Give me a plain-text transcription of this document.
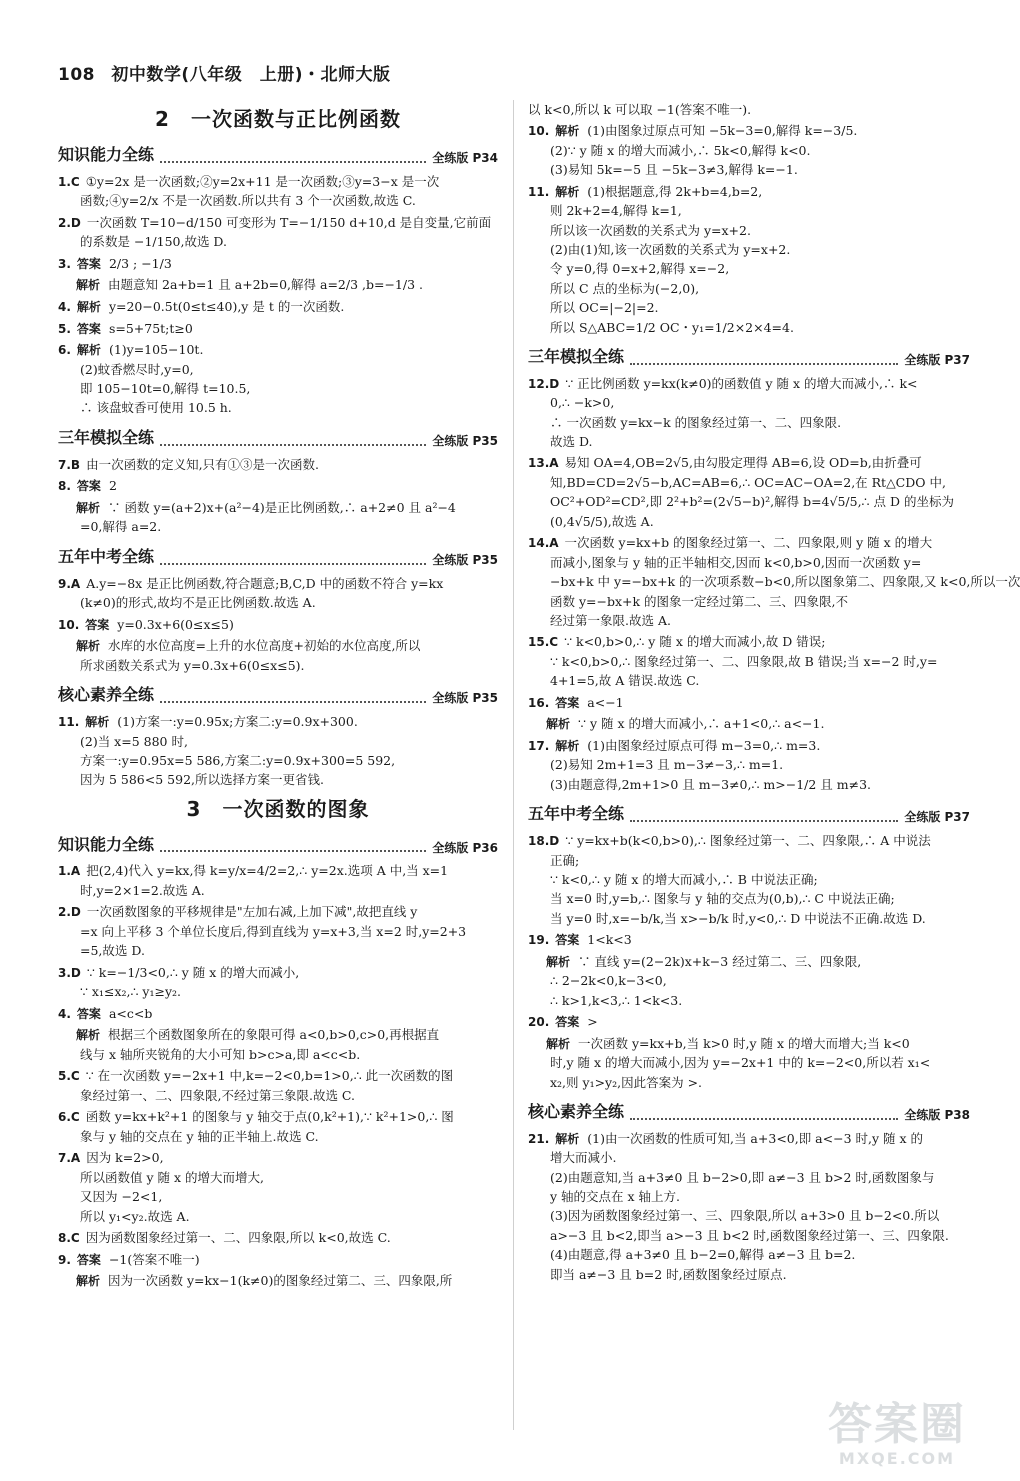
108 初中数学(八年级　上册)・北师大版
2　一次函数与正比例函数
知识能力全练	全练版 P34
1.C ①y=2x 是一次函数;②y=2x+11 是一次函数;③y=3−x 是一次
函数;④y=2/x 不是一次函数.所以共有 3 个一次函数,故选 C.
2.D 一次函数 T=10−d/150 可变形为 T=−1/150 d+10,d 是自变量,它前面
的系数是 −1/150,故选 D.
3. 答案 2/3 ; −1/3
解析 由题意知 2a+b=1 且 a+2b=0,解得 a=2/3 ,b=−1/3 .
4. 解析 y=20−0.5t(0≤t≤40),y 是 t 的一次函数.
5. 答案 s=5+75t;t≥0
6. 解析 (1)y=105−10t.
(2)蚊香燃尽时,y=0,
即 105−10t=0,解得 t=10.5,
∴ 该盘蚊香可使用 10.5 h.
三年模拟全练	全练版 P35
7.B 由一次函数的定义知,只有①③是一次函数.
8. 答案 2
解析 ∵ 函数 y=(a+2)x+(a²−4)是正比例函数,∴ a+2≠0 且 a²−4
=0,解得 a=2.
五年中考全练	全练版 P35
9.A A.y=−8x 是正比例函数,符合题意;B,C,D 中的函数不符合 y=kx
(k≠0)的形式,故均不是正比例函数.故选 A.
10. 答案 y=0.3x+6(0≤x≤5)
解析 水库的水位高度=上升的水位高度+初始的水位高度,所以
所求函数关系式为 y=0.3x+6(0≤x≤5).
核心素养全练	全练版 P35
11. 解析 (1)方案一:y=0.95x;方案二:y=0.9x+300.
(2)当 x=5 880 时,
方案一:y=0.95x=5 586,方案二:y=0.9x+300=5 592,
因为 5 586<5 592,所以选择方案一更省钱.
3　一次函数的图象
知识能力全练	全练版 P36
1.A 把(2,4)代入 y=kx,得 k=y/x=4/2=2,∴ y=2x.选项 A 中,当 x=1
时,y=2×1=2.故选 A.
2.D 一次函数图象的平移规律是"左加右减,上加下减",故把直线 y
=x 向上平移 3 个单位长度后,得到直线为 y=x+3,当 x=2 时,y=2+3
=5,故选 D.
3.D ∵ k=−1/3<0,∴ y 随 x 的增大而减小,
∵ x₁≤x₂,∴ y₁≥y₂.
4. 答案 a<c<b
解析 根据三个函数图象所在的象限可得 a<0,b>0,c>0,再根据直
线与 x 轴所夹锐角的大小可知 b>c>a,即 a<c<b.
5.C ∵ 在一次函数 y=−2x+1 中,k=−2<0,b=1>0,∴ 此一次函数的图
象经过第一、二、四象限,不经过第三象限.故选 C.
6.C 函数 y=kx+k²+1 的图象与 y 轴交于点(0,k²+1),∵ k²+1>0,∴ 图
象与 y 轴的交点在 y 轴的正半轴上.故选 C.
7.A 因为 k=2>0,
所以函数值 y 随 x 的增大而增大,
又因为 −2<1,
所以 y₁<y₂.故选 A.
8.C 因为函数图象经过第一、二、四象限,所以 k<0,故选 C.
9. 答案 −1(答案不唯一)
解析 因为一次函数 y=kx−1(k≠0)的图象经过第二、三、四象限,所
以 k<0,所以 k 可以取 −1(答案不唯一).
10. 解析 (1)由图象过原点可知 −5k−3=0,解得 k=−3/5.
(2)∵ y 随 x 的增大而减小,∴ 5k<0,解得 k<0.
(3)易知 5k=−5 且 −5k−3≠3,解得 k=−1.
11. 解析 (1)根据题意,得 2k+b=4,b=2,
则 2k+2=4,解得 k=1,
所以该一次函数的关系式为 y=x+2.
(2)由(1)知,该一次函数的关系式为 y=x+2.
令 y=0,得 0=x+2,解得 x=−2,
所以 C 点的坐标为(−2,0),
所以 OC=|−2|=2.
所以 S△ABC=1/2 OC・y₁=1/2×2×4=4.
三年模拟全练	全练版 P37
12.D ∵ 正比例函数 y=kx(k≠0)的函数值 y 随 x 的增大而减小,∴ k<
0,∴ −k>0,
∴ 一次函数 y=kx−k 的图象经过第一、二、四象限.
故选 D.
13.A 易知 OA=4,OB=2√5,由勾股定理得 AB=6,设 OD=b,由折叠可
知,BD=CD=2√5−b,AC=AB=6,∴ OC=AC−OA=2,在 Rt△CDO 中,
OC²+OD²=CD²,即 2²+b²=(2√5−b)²,解得 b=4√5/5,∴ 点 D 的坐标为
(0,4√5/5),故选 A.
14.A 一次函数 y=kx+b 的图象经过第一、二、四象限,则 y 随 x 的增大
而减小,图象与 y 轴的正半轴相交,因而 k<0,b>0,因而一次函数 y=
−bx+k 中 y=−bx+k 的一次项系数−b<0,所以图象第二、四象限,又 k<0,所以一次
函数 y=−bx+k 的图象一定经过第二、三、四象限,不
经过第一象限.故选 A.
15.C ∵ k<0,b>0,∴ y 随 x 的增大而减小,故 D 错误;
∵ k<0,b>0,∴ 图象经过第一、二、四象限,故 B 错误;当 x=−2 时,y=
4+1=5,故 A 错误.故选 C.
16. 答案 a<−1
解析 ∵ y 随 x 的增大而减小,∴ a+1<0,∴ a<−1.
17. 解析 (1)由图象经过原点可得 m−3=0,∴ m=3.
(2)易知 2m+1=3 且 m−3≠−3,∴ m=1.
(3)由题意得,2m+1>0 且 m−3≠0,∴ m>−1/2 且 m≠3.
五年中考全练	全练版 P37
18.D ∵ y=kx+b(k<0,b>0),∴ 图象经过第一、二、四象限,∴ A 中说法
正确;
∵ k<0,∴ y 随 x 的增大而减小,∴ B 中说法正确;
当 x=0 时,y=b,∴ 图象与 y 轴的交点为(0,b),∴ C 中说法正确;
当 y=0 时,x=−b/k,当 x>−b/k 时,y<0,∴ D 中说法不正确.故选 D.
19. 答案 1<k<3
解析 ∵ 直线 y=(2−2k)x+k−3 经过第二、三、四象限,
∴ 2−2k<0,k−3<0,
∴ k>1,k<3,∴ 1<k<3.
20. 答案 >
解析 一次函数 y=kx+b,当 k>0 时,y 随 x 的增大而增大;当 k<0
时,y 随 x 的增大而减小,因为 y=−2x+1 中的 k=−2<0,所以若 x₁<
x₂,则 y₁>y₂,因此答案为 >.
核心素养全练	全练版 P38
21. 解析 (1)由一次函数的性质可知,当 a+3<0,即 a<−3 时,y 随 x 的
增大而减小.
(2)由题意知,当 a+3≠0 且 b−2>0,即 a≠−3 且 b>2 时,函数图象与
y 轴的交点在 x 轴上方.
(3)因为函数图象经过第一、三、四象限,所以 a+3>0 且 b−2<0.所以
a>−3 且 b<2,即当 a>−3 且 b<2 时,函数图象经过第一、三、四象限.
(4)由题意,得 a+3≠0 且 b−2=0,解得 a≠−3 且 b=2.
即当 a≠−3 且 b=2 时,函数图象经过原点.
答案圈
MXQE.COM
